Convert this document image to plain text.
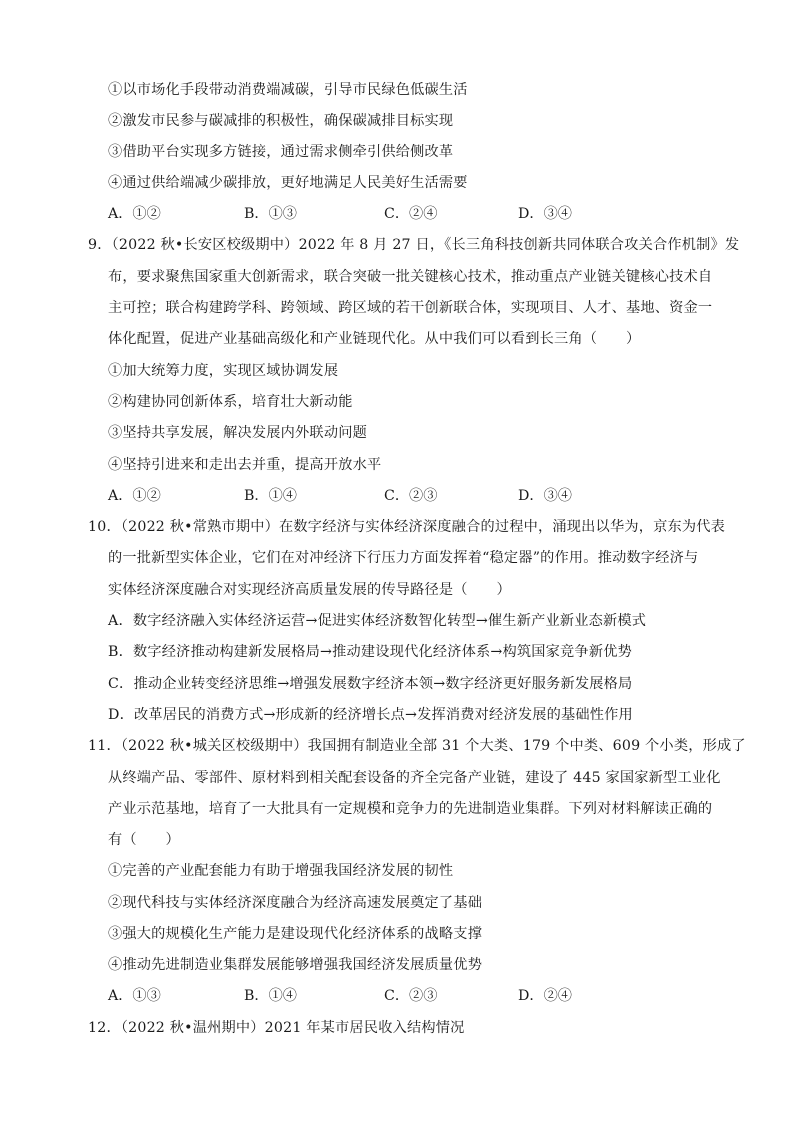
①以市场化手段带动消费端减碳，引导市民绿色低碳生活
②激发市民参与碳减排的积极性，确保碳减排目标实现
③借助平台实现多方链接，通过需求侧牵引供给侧改革
④通过供给端减少碳排放，更好地满足人民美好生活需要
A．①②	B．①③	C．②④	D．③④
9．（2022 秋•长安区校级期中）2022 年 8 月 27 日，《长三角科技创新共同体联合攻关合作机制》发
布，要求聚焦国家重大创新需求，联合突破一批关键核心技术，推动重点产业链关键核心技术自
主可控；联合构建跨学科、跨领域、跨区域的若干创新联合体，实现项目、人才、基地、资金一
体化配置，促进产业基础高级化和产业链现代化。从中我们可以看到长三角（　　）
①加大统筹力度，实现区域协调发展
②构建协同创新体系，培育壮大新动能
③坚持共享发展，解决发展内外联动问题
④坚持引进来和走出去并重，提高开放水平
A．①②	B．①④	C．②③	D．③④
10．（2022 秋•常熟市期中）在数字经济与实体经济深度融合的过程中，涌现出以华为，京东为代表
的一批新型实体企业，它们在对冲经济下行压力方面发挥着“稳定器”的作用。推动数字经济与
实体经济深度融合对实现经济高质量发展的传导路径是（　　）
A．数字经济融入实体经济运营→促进实体经济数智化转型→催生新产业新业态新模式
B．数字经济推动构建新发展格局→推动建设现代化经济体系→构筑国家竞争新优势
C．推动企业转变经济思维→增强发展数字经济本领→数字经济更好服务新发展格局
D．改革居民的消费方式→形成新的经济增长点→发挥消费对经济发展的基础性作用
11．（2022 秋•城关区校级期中）我国拥有制造业全部 31 个大类、179 个中类、609 个小类，形成了
从终端产品、零部件、原材料到相关配套设备的齐全完备产业链，建设了 445 家国家新型工业化
产业示范基地，培育了一大批具有一定规模和竞争力的先进制造业集群。下列对材料解读正确的
有（　　）
①完善的产业配套能力有助于增强我国经济发展的韧性
②现代科技与实体经济深度融合为经济高速发展奠定了基础
③强大的规模化生产能力是建设现代化经济体系的战略支撑
④推动先进制造业集群发展能够增强我国经济发展质量优势
A．①③	B．①④	C．②③	D．②④
12．（2022 秋•温州期中）2021 年某市居民收入结构情况
